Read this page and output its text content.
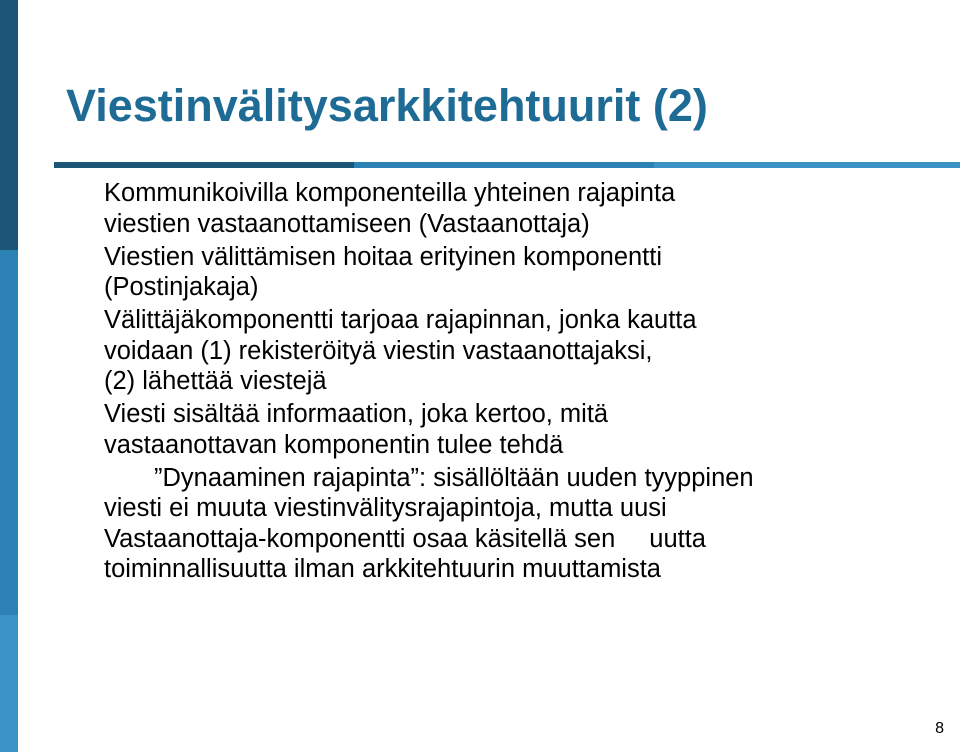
Viestinvälitysarkkitehtuurit (2)
Kommunikoivilla komponenteilla yhteinen rajapinta
viestien vastaanottamiseen (Vastaanottaja)
Viestien välittämisen hoitaa erityinen komponentti
(Postinjakaja)
Välittäjäkomponentti tarjoaa rajapinnan, jonka kautta
voidaan (1) rekisteröityä viestin vastaanottajaksi,
(2) lähettää viestejä
Viesti sisältää informaation, joka kertoo, mitä
vastaanottavan komponentin tulee tehdä
”Dynaaminen rajapinta”: sisällöltään uuden tyyppinen
viesti ei muuta viestinvälitysrajapintoja, mutta uusi
Vastaanottaja-komponentti osaa käsitellä sen uutta
toiminnallisuutta ilman arkkitehtuurin muuttamista
8
